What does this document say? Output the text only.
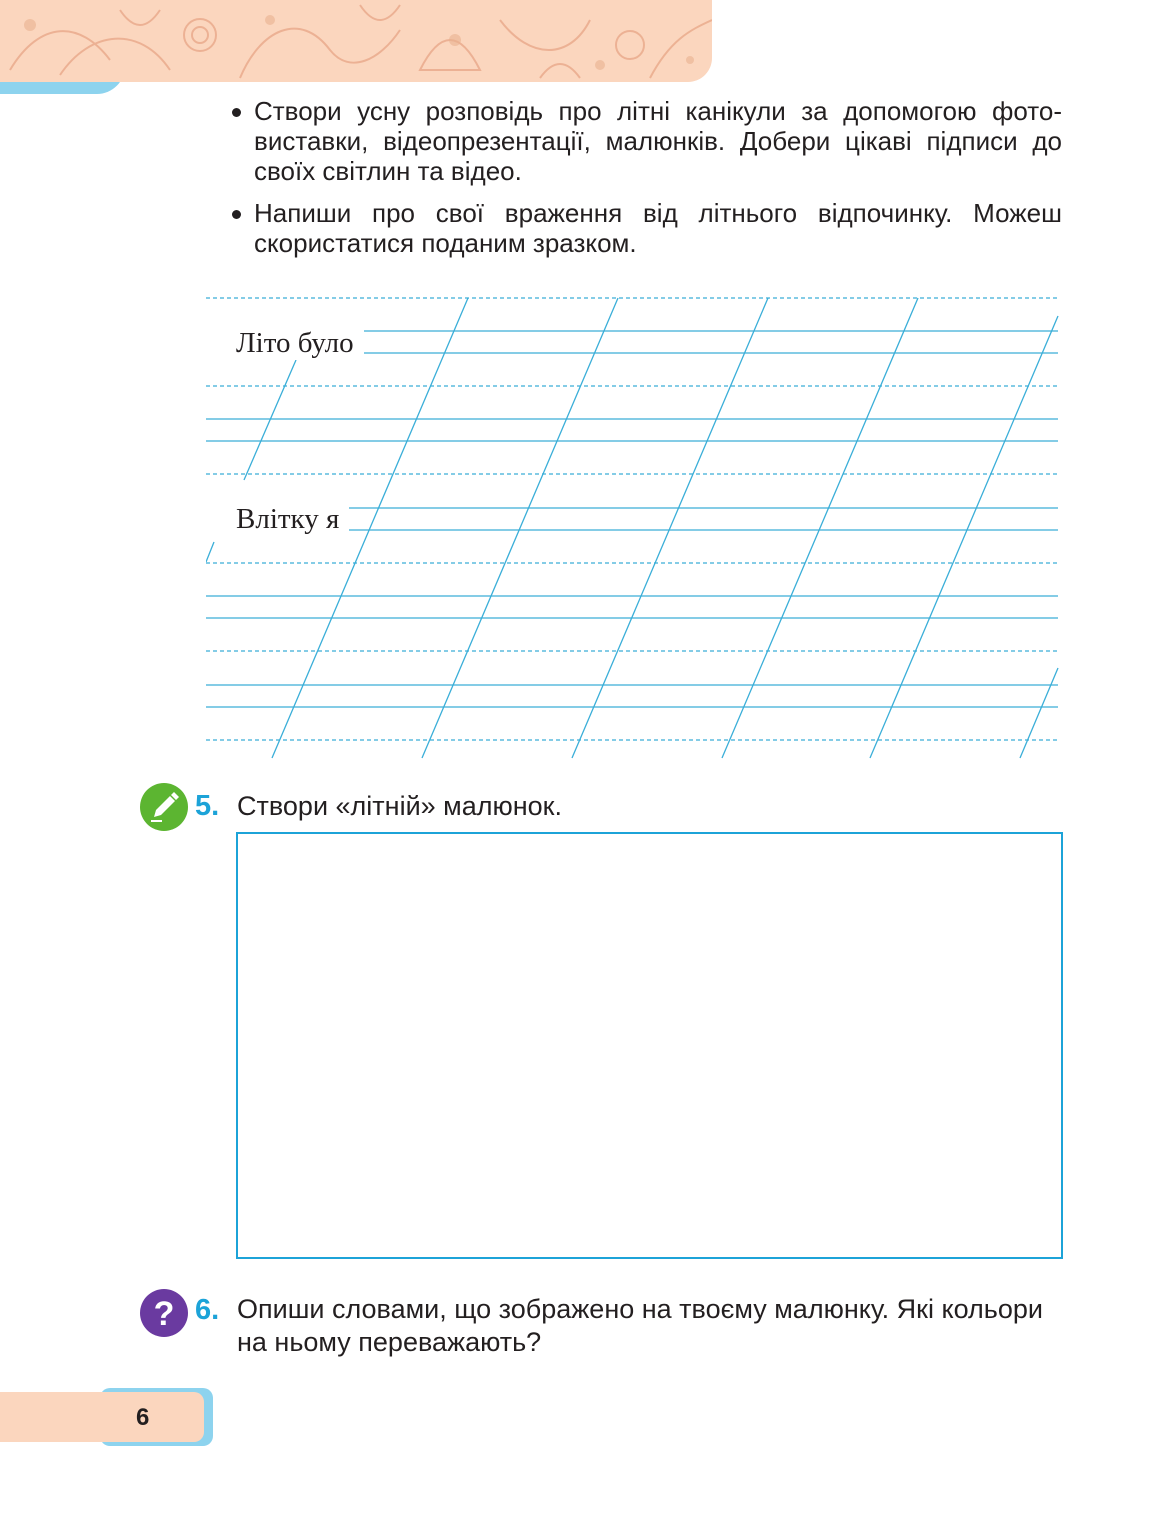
Створи усну розповідь про літні канікули за допомогою фотовиставки, відеопрезентації, малюнків. Добери цікаві підписи до своїх світлин та відео.
Напиши про свої враження від літнього відпочинку. Можеш скористатися поданим зразком.
Літо було
Влітку я
5. Створи «літній» малюнок.
? 6. Опиши словами, що зображено на твоєму малюнку. Які кольори на ньому переважають?
6
